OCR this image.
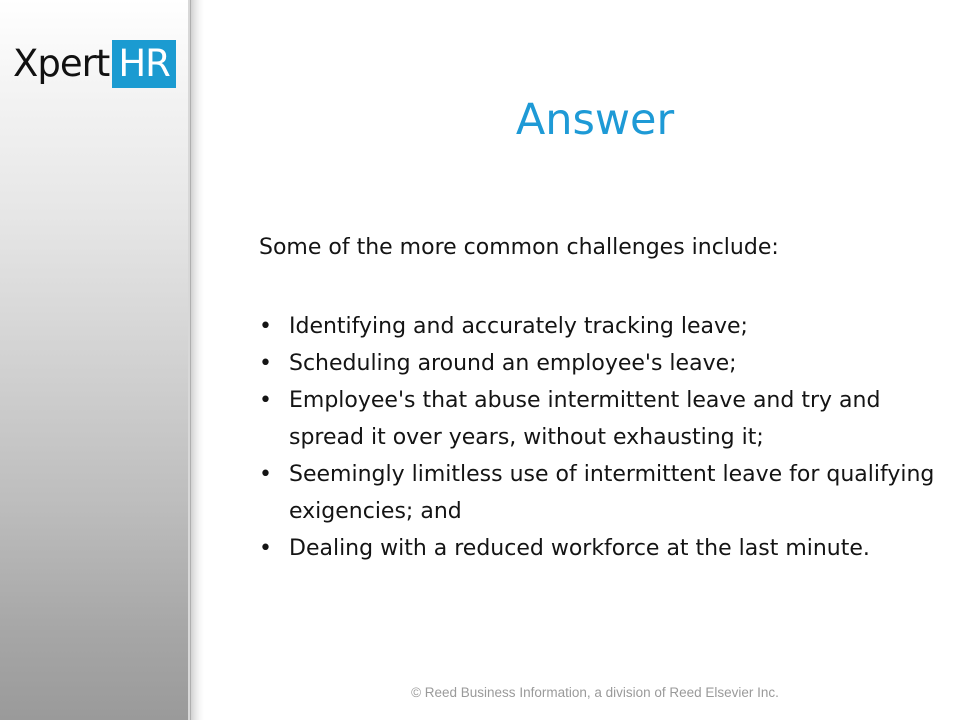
Xpert HR
Answer

Some of the more common challenges include:

• Identifying and accurately tracking leave;
• Scheduling around an employee's leave;
• Employee's that abuse intermittent leave and try and spread it over years, without exhausting it;
• Seemingly limitless use of intermittent leave for qualifying exigencies; and
• Dealing with a reduced workforce at the last minute.

© Reed Business Information, a division of Reed Elsevier Inc.
